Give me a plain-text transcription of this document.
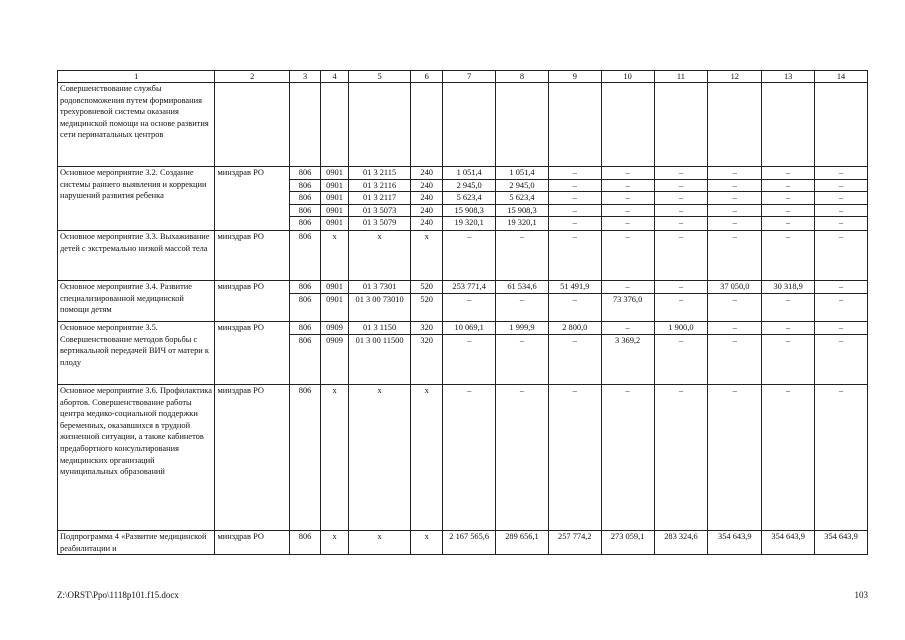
1	2	3	4	5	6	7	8	9	10	11	12	13	14
Совершенствование службы родовспоможения путем формирования трехуровневой системы оказания медицинской помощи на основе развития сети перинатальных центров													
Основное мероприятие 3.2. Создание системы раннего выявления и коррекции нарушений развития ребенка	минздрав РО	806	0901	01 3 2115	240	1 051,4	1 051,4	–	–	–	–	–	–
		806	0901	01 3 2116	240	2 945,0	2 945,0	–	–	–	–	–	–
		806	0901	01 3 2117	240	5 623,4	5 623,4	–	–	–	–	–	–
		806	0901	01 3 5073	240	15 908,3	15 908,3	–	–	–	–	–	–
		806	0901	01 3 5079	240	19 320,1	19 320,1	–	–	–	–	–	–
Основное мероприятие 3.3. Выхаживание детей с экстремально низкой массой тела	минздрав РО	806	x	x	x	–	–	–	–	–	–	–	–
Основное мероприятие 3.4. Развитие специализированной медицинской помощи детям	минздрав РО	806	0901	01 3 7301	520	253 771,4	61 534,6	51 491,9	–	–	37 050,0	30 318,9	–
		806	0901	01 3 00 73010	520	–	–	–	73 376,0	–	–	–	–
Основное мероприятие 3.5. Совершенствование методов борьбы с вертикальной передачей ВИЧ от матери к плоду	минздрав РО	806	0909	01 3 1150	320	10 069,1	1 999,9	2 800,0	–	1 900,0	–	–	–
		806	0909	01 3 00 11500	320	–	–	–	3 369,2	–	–	–	–
Основное мероприятие 3.6. Профилактика абортов. Совершенствование работы центра медико-социальной поддержки беременных, оказавшихся в трудной жизненной ситуации, а также кабинетов предабортного консультирования медицинских организаций муниципальных образований	минздрав РО	806	x	x	x	–	–	–	–	–	–	–	–
Подпрограмма 4 «Развитие медицинской реабилитации и	минздрав РО	806	x	x	x	2 167 565,6	289 656,1	257 774,2	273 059,1	283 324,6	354 643,9	354 643,9	354 643,9
Z:\ORST\Ppo\1118p101.f15.docx	103
